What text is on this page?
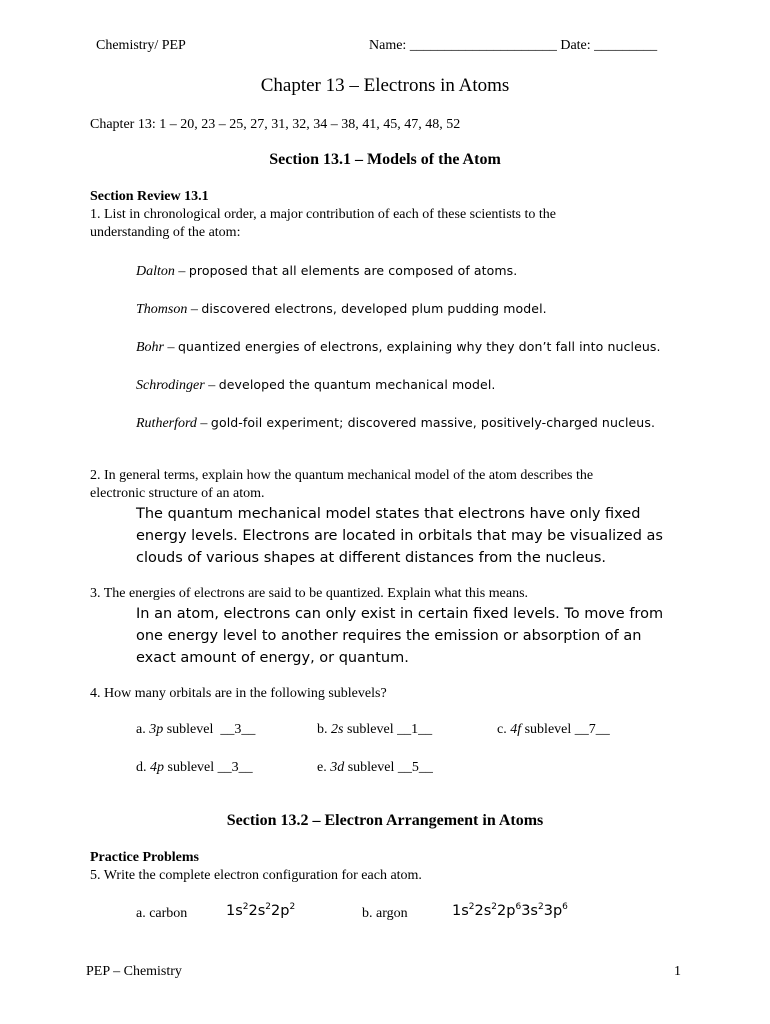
Chemistry/ PEP	Name: _____________________ Date: _________
Chapter 13 – Electrons in Atoms
Chapter 13: 1 – 20, 23 – 25, 27, 31, 32, 34 – 38, 41, 45, 47, 48, 52
Section 13.1 – Models of the Atom
Section Review 13.1
1. List in chronological order, a major contribution of each of these scientists to the
understanding of the atom:
Dalton – proposed that all elements are composed of atoms.
Thomson – discovered electrons, developed plum pudding model.
Bohr – quantized energies of electrons, explaining why they don’t fall into nucleus.
Schrodinger – developed the quantum mechanical model.
Rutherford – gold-foil experiment; discovered massive, positively-charged nucleus.
2. In general terms, explain how the quantum mechanical model of the atom describes the
electronic structure of an atom.
The quantum mechanical model states that electrons have only fixed energy levels. Electrons are located in orbitals that may be visualized as clouds of various shapes at different distances from the nucleus.
3. The energies of electrons are said to be quantized. Explain what this means.
In an atom, electrons can only exist in certain fixed levels. To move from one energy level to another requires the emission or absorption of an exact amount of energy, or quantum.
4. How many orbitals are in the following sublevels?
a. 3p sublevel __3__	b. 2s sublevel __1__	c. 4f sublevel __7__
d. 4p sublevel __3__	e. 3d sublevel __5__
Section 13.2 – Electron Arrangement in Atoms
Practice Problems
5. Write the complete electron configuration for each atom.
a. carbon	$1s^22s^22p^2$	b. argon	$1s^22s^22p^63s^23p^6$
PEP – Chemistry	1
